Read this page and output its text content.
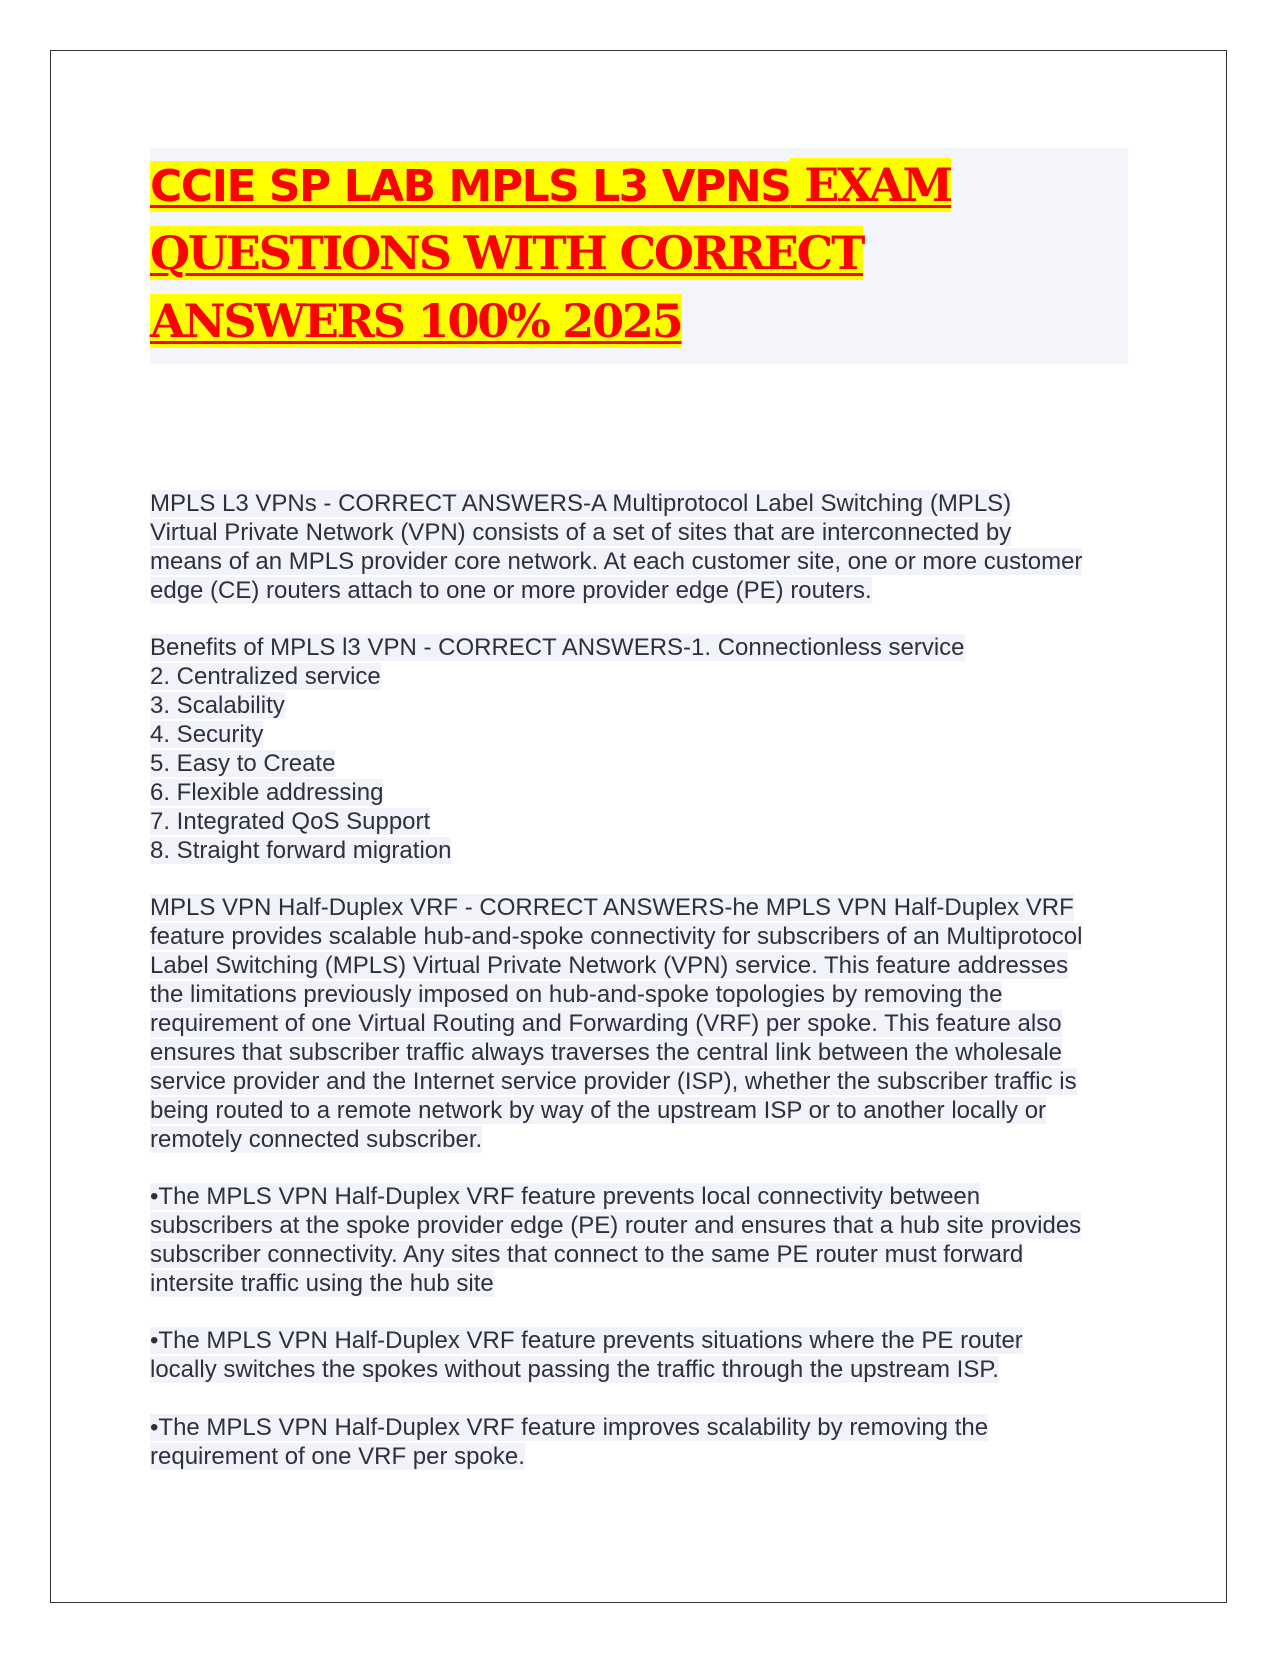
CCIE SP LAB MPLS L3 VPNS EXAM
QUESTIONS WITH CORRECT
ANSWERS 100% 2025
MPLS L3 VPNs - CORRECT ANSWERS-A Multiprotocol Label Switching (MPLS)
Virtual Private Network (VPN) consists of a set of sites that are interconnected by
means of an MPLS provider core network. At each customer site, one or more customer
edge (CE) routers attach to one or more provider edge (PE) routers.
Benefits of MPLS l3 VPN - CORRECT ANSWERS-1. Connectionless service
2. Centralized service
3. Scalability
4. Security
5. Easy to Create
6. Flexible addressing
7. Integrated QoS Support
8. Straight forward migration
MPLS VPN Half-Duplex VRF - CORRECT ANSWERS-he MPLS VPN Half-Duplex VRF
feature provides scalable hub-and-spoke connectivity for subscribers of an Multiprotocol
Label Switching (MPLS) Virtual Private Network (VPN) service. This feature addresses
the limitations previously imposed on hub-and-spoke topologies by removing the
requirement of one Virtual Routing and Forwarding (VRF) per spoke. This feature also
ensures that subscriber traffic always traverses the central link between the wholesale
service provider and the Internet service provider (ISP), whether the subscriber traffic is
being routed to a remote network by way of the upstream ISP or to another locally or
remotely connected subscriber.
•The MPLS VPN Half-Duplex VRF feature prevents local connectivity between
subscribers at the spoke provider edge (PE) router and ensures that a hub site provides
subscriber connectivity. Any sites that connect to the same PE router must forward
intersite traffic using the hub site
•The MPLS VPN Half-Duplex VRF feature prevents situations where the PE router
locally switches the spokes without passing the traffic through the upstream ISP.
•The MPLS VPN Half-Duplex VRF feature improves scalability by removing the
requirement of one VRF per spoke.
